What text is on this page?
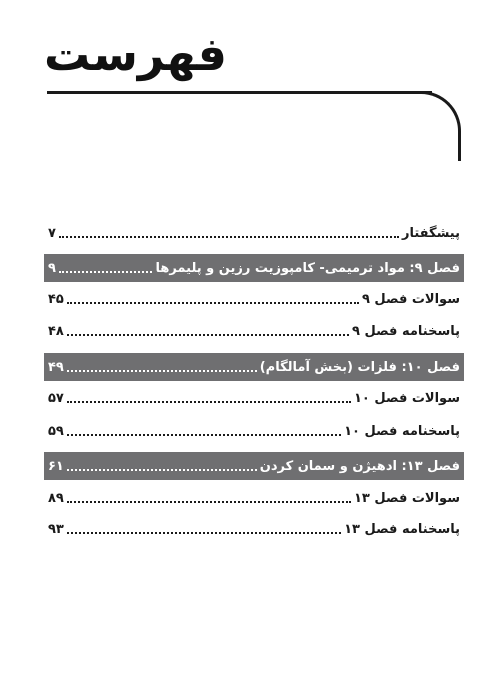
فهرست
پیشگفتار
۷
فصل ۹: مواد ترمیمی- کامپوزیت رزین و پلیمرها
۹
سوالات فصل ۹
۴۵
پاسخنامه فصل ۹
۴۸
فصل ۱۰: فلزات (بخش آمالگام)
۴۹
سوالات فصل ۱۰
۵۷
پاسخنامه فصل ۱۰
۵۹
فصل ۱۳: ادهیژن و سمان کردن
۶۱
سوالات فصل ۱۳
۸۹
پاسخنامه فصل ۱۳
۹۳
